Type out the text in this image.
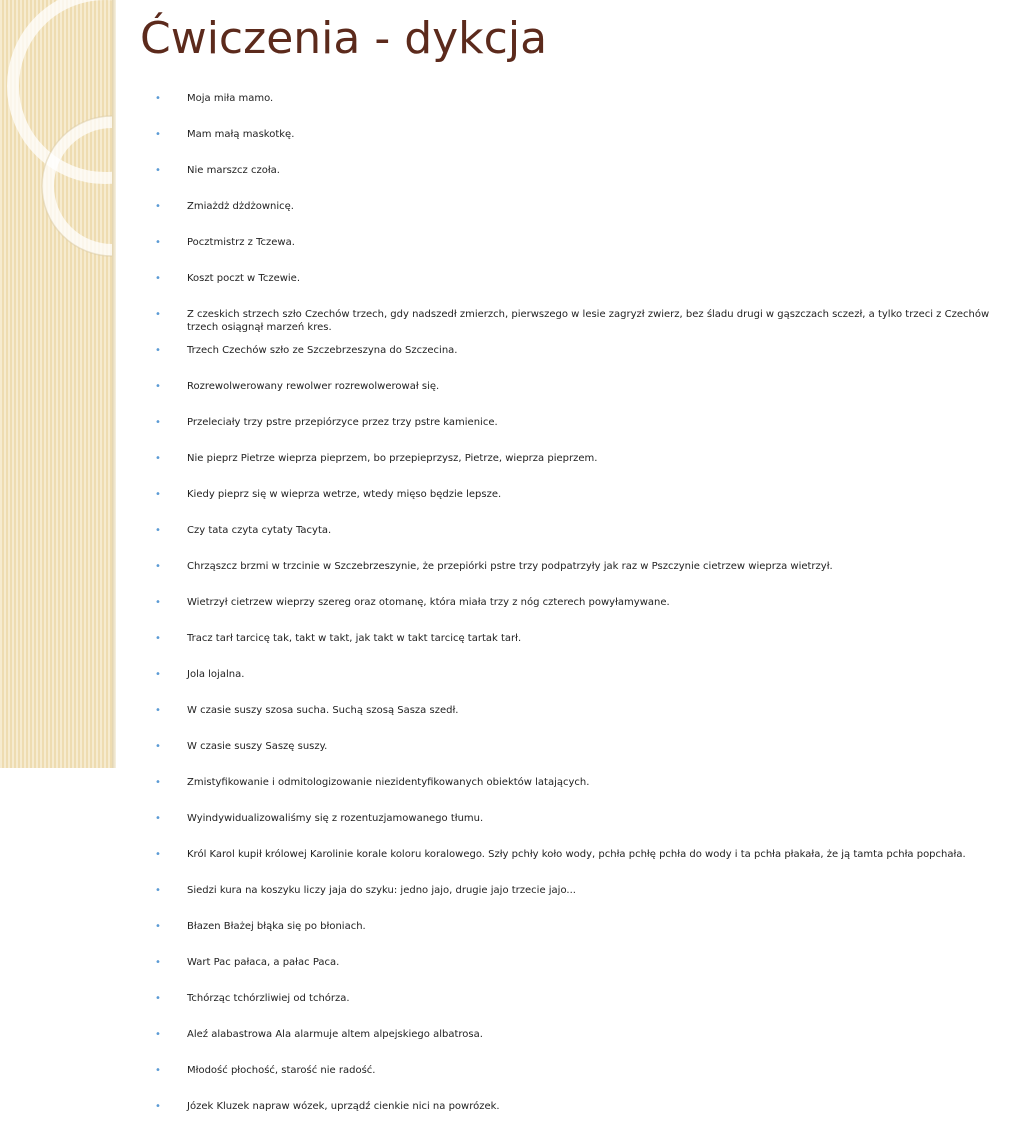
Ćwiczenia - dykcja
•	Moja miła mamo.
•	Mam małą maskotkę.
•	Nie marszcz czoła.
•	Zmiażdż dżdżownicę.
•	Pocztmistrz z Tczewa.
•	Koszt poczt w Tczewie.
•	Z czeskich strzech szło Czechów trzech, gdy nadszedł zmierzch, pierwszego w lesie zagryzł zwierz, bez śladu drugi w gąszczach sczezł, a tylko trzeci z Czechów trzech osiągnął marzeń kres.
•	Trzech Czechów szło ze Szczebrzeszyna do Szczecina.
•	Rozrewolwerowany rewolwer rozrewolwerował się.
•	Przeleciały trzy pstre przepiórzyce przez trzy pstre kamienice.
•	Nie pieprz Pietrze wieprza pieprzem, bo przepieprzysz, Pietrze, wieprza pieprzem.
•	Kiedy pieprz się w wieprza wetrze, wtedy mięso będzie lepsze.
•	Czy tata czyta cytaty Tacyta.
•	Chrząszcz brzmi w trzcinie w Szczebrzeszynie, że przepiórki pstre trzy podpatrzyły jak raz w Pszczynie cietrzew wieprza wietrzył.
•	Wietrzył cietrzew wieprzy szereg oraz otomanę, która miała trzy z nóg czterech powyłamywane.
•	Tracz tarł tarcicę tak, takt w takt, jak takt w takt tarcicę tartak tarł.
•	Jola lojalna.
•	W czasie suszy szosa sucha. Suchą szosą Sasza szedł.
•	W czasie suszy Saszę suszy.
•	Zmistyfikowanie i odmitologizowanie niezidentyfikowanych obiektów latających.
•	Wyindywidualizowaliśmy się z rozentuzjamowanego tłumu.
•	Król Karol kupił królowej Karolinie korale koloru koralowego. Szły pchły koło wody, pchła pchłę pchła do wody i ta pchła płakała, że ją tamta pchła popchała.
•	Siedzi kura na koszyku liczy jaja do szyku: jedno jajo, drugie jajo trzecie jajo...
•	Błazen Błażej błąka się po błoniach.
•	Wart Pac pałaca, a pałac Paca.
•	Tchórząc tchórzliwiej od tchórza.
•	Aleź alabastrowa Ala alarmuje altem alpejskiego albatrosa.
•	Młodość płochość, starość nie radość.
•	Józek Kluzek napraw wózek, uprządź cienkie nici na powrózek.
